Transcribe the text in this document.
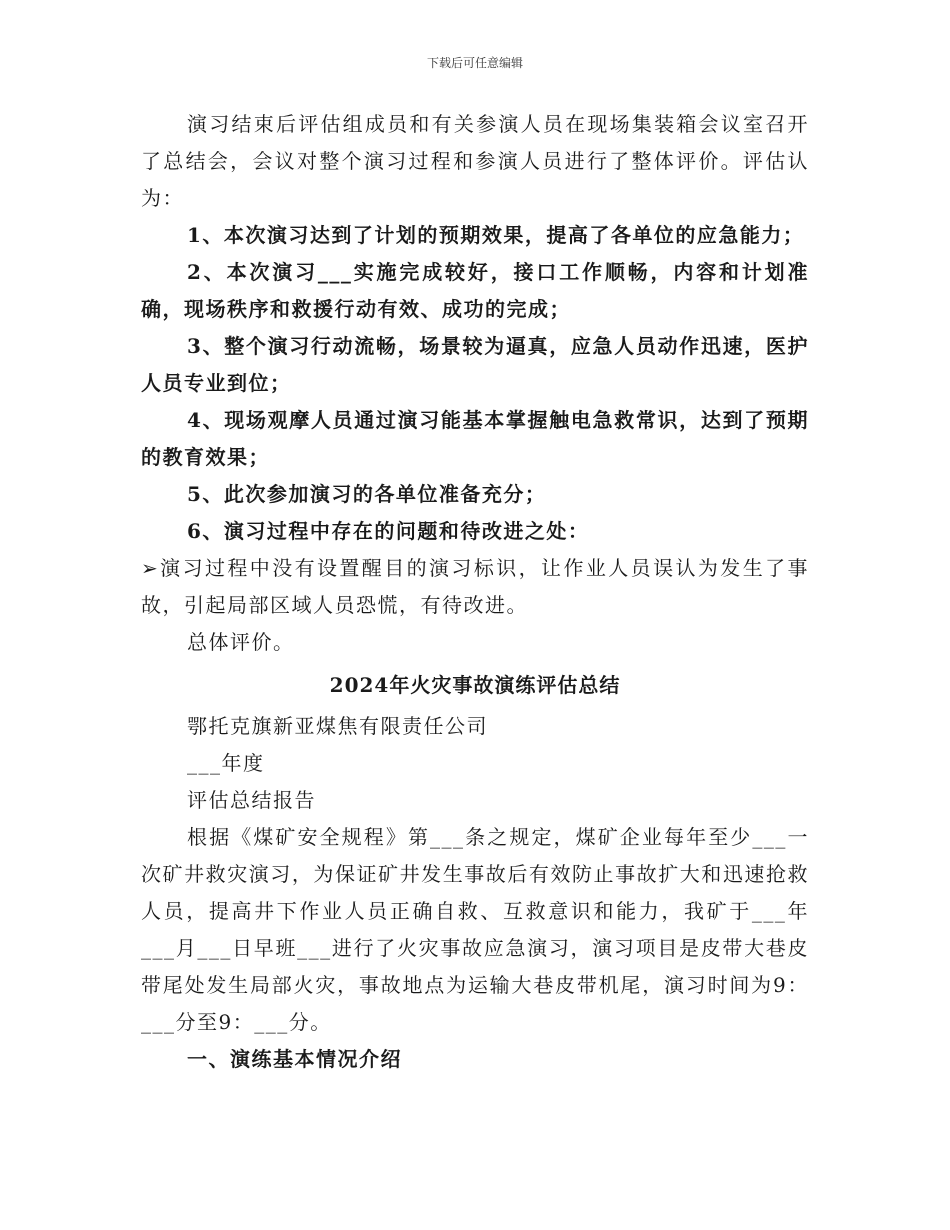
下载后可任意编辑

演习结束后评估组成员和有关参演人员在现场集装箱会议室召开了总结会，会议对整个演习过程和参演人员进行了整体评价。评估认为：

1、本次演习达到了计划的预期效果，提高了各单位的应急能力；

2、本次演习___实施完成较好，接口工作顺畅，内容和计划准确，现场秩序和救援行动有效、成功的完成；

3、整个演习行动流畅，场景较为逼真，应急人员动作迅速，医护人员专业到位；

4、现场观摩人员通过演习能基本掌握触电急救常识，达到了预期的教育效果；

5、此次参加演习的各单位准备充分；

6、演习过程中存在的问题和待改进之处：

➢演习过程中没有设置醒目的演习标识，让作业人员误认为发生了事故，引起局部区域人员恐慌，有待改进。

总体评价。

2024年火灾事故演练评估总结

鄂托克旗新亚煤焦有限责任公司

___年度

评估总结报告

根据《煤矿安全规程》第___条之规定，煤矿企业每年至少___一次矿井救灾演习，为保证矿井发生事故后有效防止事故扩大和迅速抢救人员，提高井下作业人员正确自救、互救意识和能力，我矿于___年___月___日早班___进行了火灾事故应急演习，演习项目是皮带大巷皮带尾处发生局部火灾，事故地点为运输大巷皮带机尾，演习时间为9：___分至9：___分。

一、演练基本情况介绍
